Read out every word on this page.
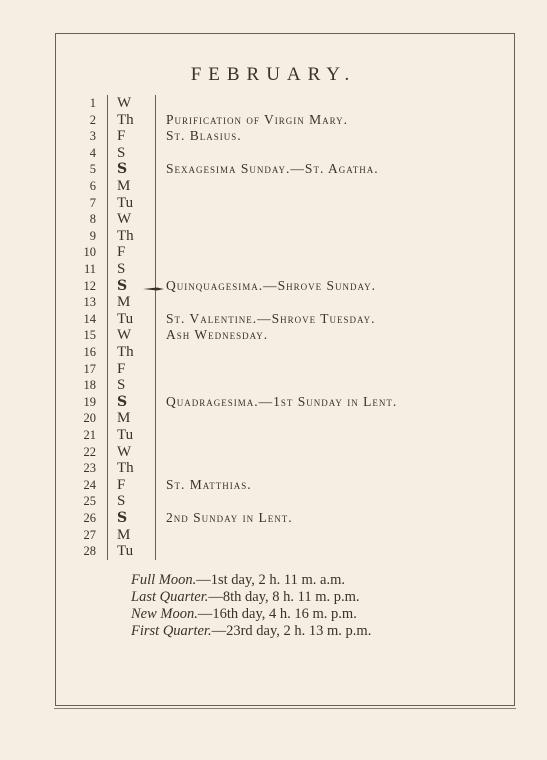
FEBRUARY.
1 W
2 Th Purification of Virgin Mary.
3 F	St. Blasius.
4 S
5 S	Sexagesima Sunday.—St. Agatha.
6 M
7 Tu
8 W
9 Th
10 F
11 S
12 S	Quinquagesima.—Shrove Sunday.
13 M
14 Tu St. Valentine.—Shrove Tuesday.
15 W	Ash Wednesday.
16 Th
17 F
18 S
19 S	Quadragesima.—1st Sunday in Lent.
20 M
21 Tu
22 W
23 Th
24 F	St. Matthias.
25 S
26 S	2nd Sunday in Lent.
27 M
28 Tu
Full Moon.—1st day, 2 h. 11 m. a.m.
Last Quarter.—8th day, 8 h. 11 m. p.m.
New Moon.—16th day, 4 h. 16 m. p.m.
First Quarter.—23rd day, 2 h. 13 m. p.m.
